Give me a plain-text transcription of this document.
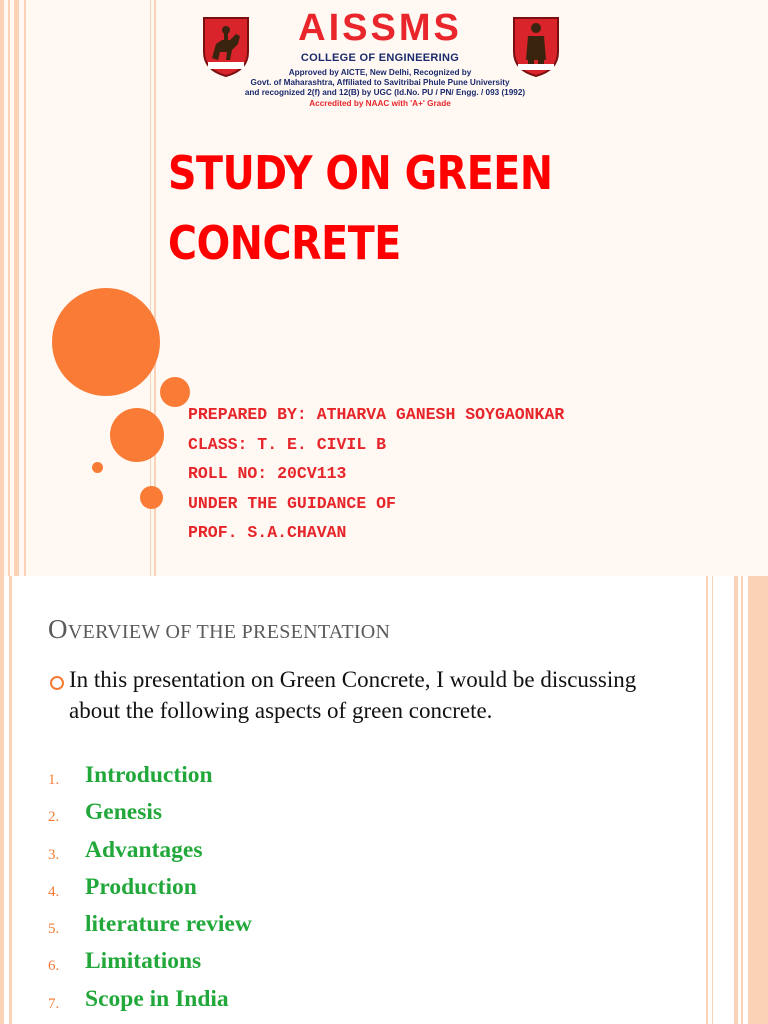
AISSMS
COLLEGE OF ENGINEERING
Approved by AICTE, New Delhi, Recognized by
Govt. of Maharashtra, Affiliated to Savitribai Phule Pune University
and recognized 2(f) and 12(B) by UGC (Id.No. PU / PN/ Engg. / 093 (1992)
Accredited by NAAC with 'A+' Grade
STUDY ON GREEN
CONCRETE
PREPARED BY: ATHARVA GANESH SOYGAONKAR
CLASS: T. E. CIVIL B
ROLL NO: 20CV113
UNDER THE GUIDANCE OF
PROF. S.A.CHAVAN
OVERVIEW OF THE PRESENTATION
In this presentation on Green Concrete, I would be discussing about the following aspects of green concrete.
1.	Introduction
2.	Genesis
3.	Advantages
4.	Production
5.	literature review
6.	Limitations
7.	Scope in India
